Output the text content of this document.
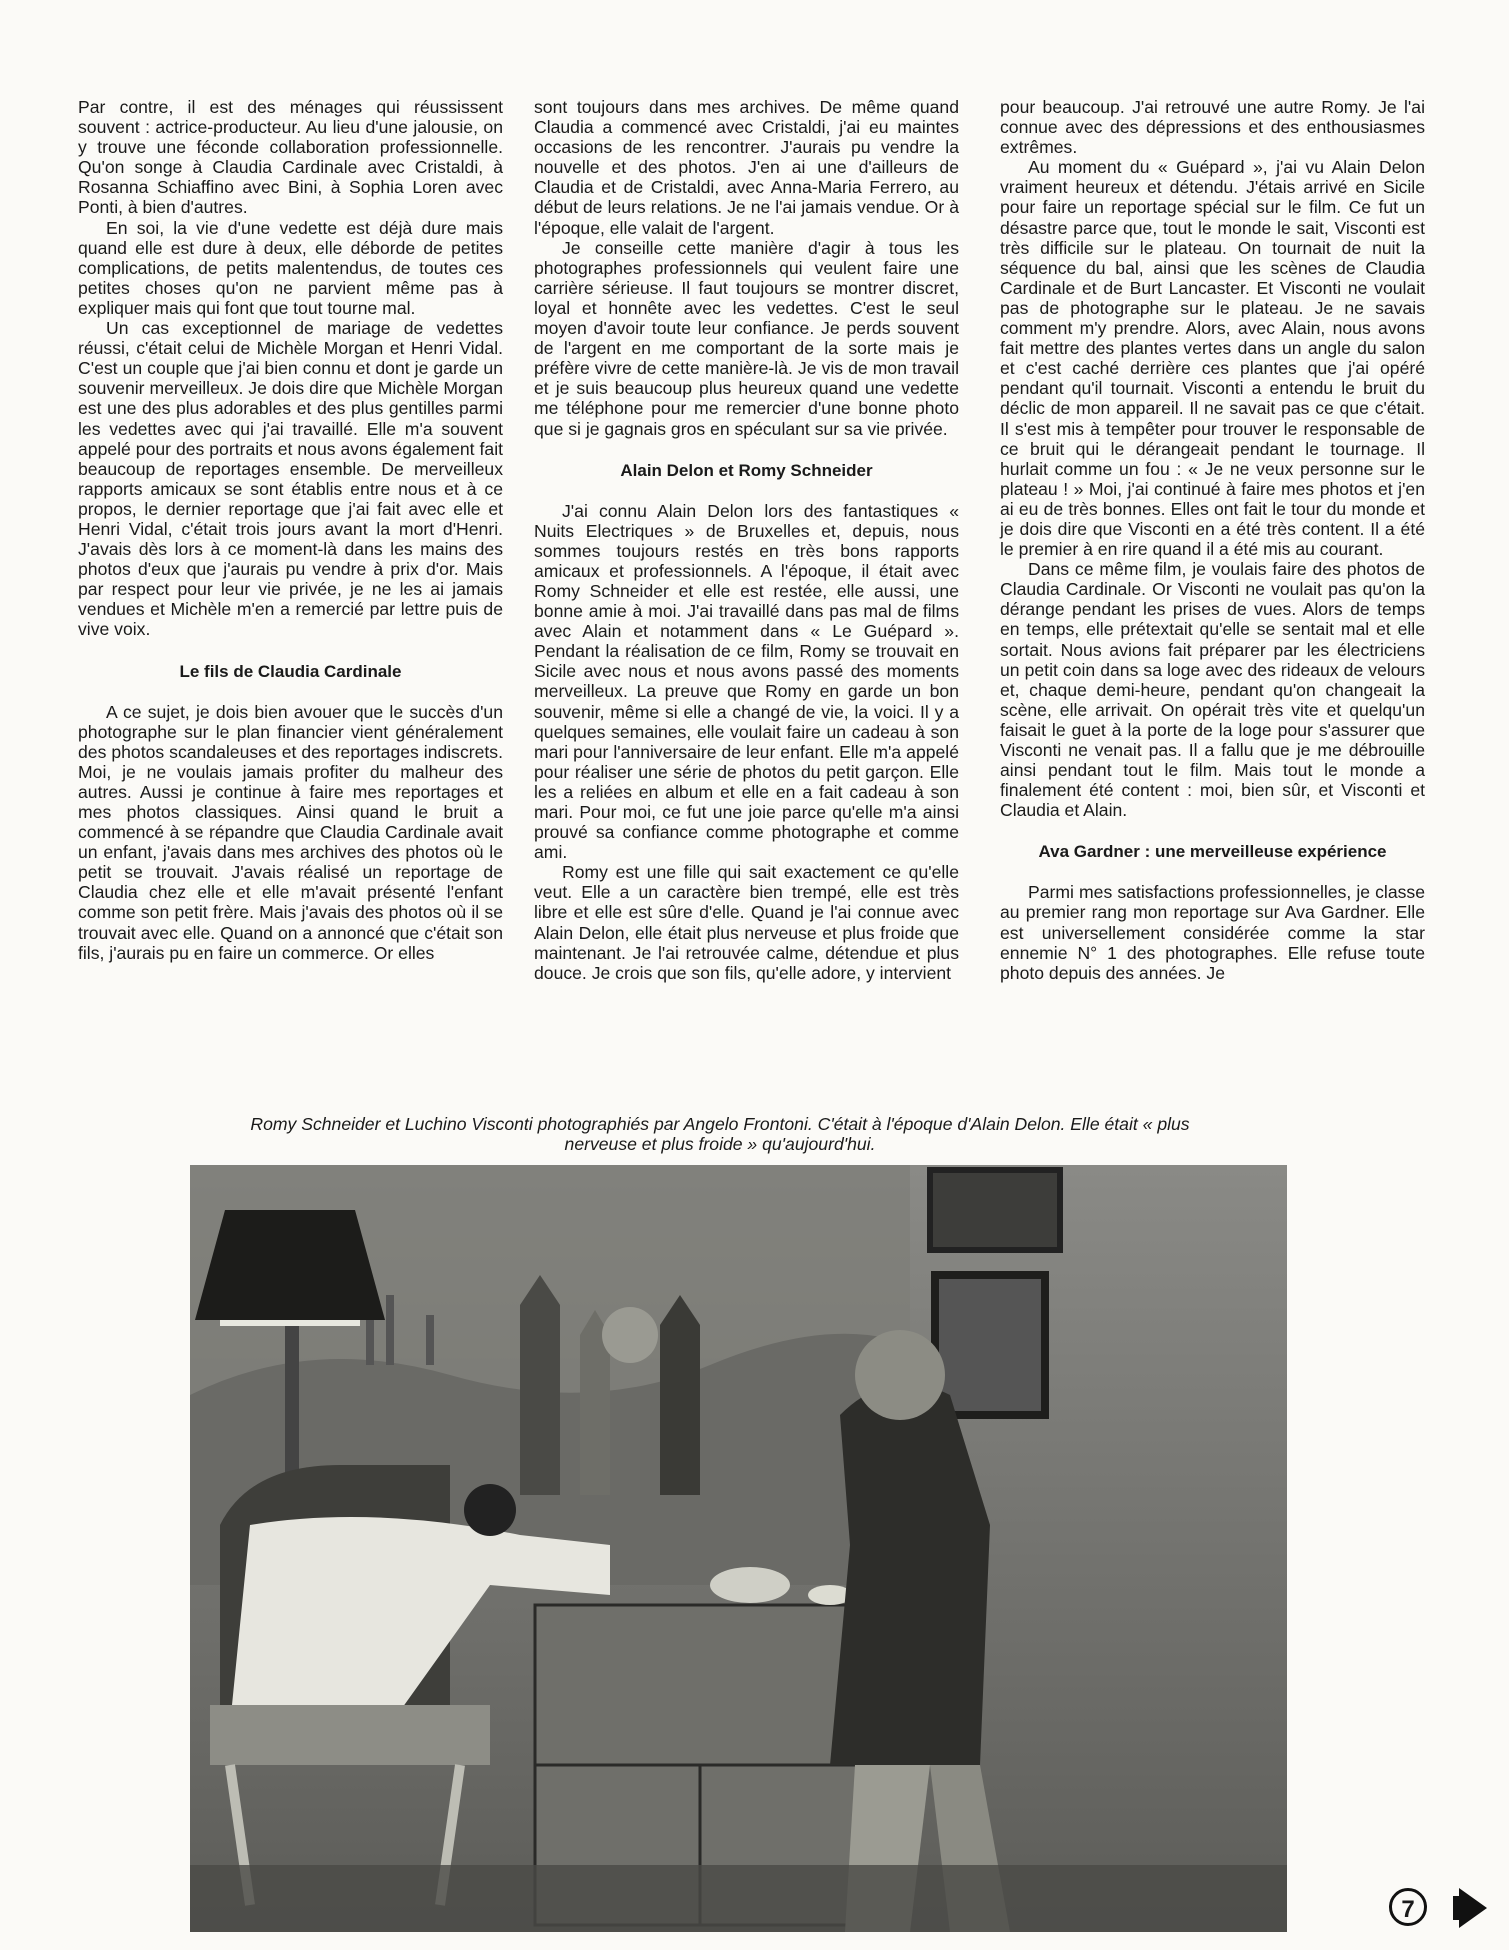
Par contre, il est des ménages qui réussissent souvent : actrice-producteur. Au lieu d'une jalousie, on y trouve une féconde collaboration professionnelle. Qu'on songe à Claudia Cardinale avec Cristaldi, à Rosanna Schiaffino avec Bini, à Sophia Loren avec Ponti, à bien d'autres.

En soi, la vie d'une vedette est déjà dure mais quand elle est dure à deux, elle déborde de petites complications, de petits malentendus, de toutes ces petites choses qu'on ne parvient même pas à expliquer mais qui font que tout tourne mal.

Un cas exceptionnel de mariage de vedettes réussi, c'était celui de Michèle Morgan et Henri Vidal. C'est un couple que j'ai bien connu et dont je garde un souvenir merveilleux. Je dois dire que Michèle Morgan est une des plus adorables et des plus gentilles parmi les vedettes avec qui j'ai travaillé. Elle m'a souvent appelé pour des portraits et nous avons également fait beaucoup de reportages ensemble. De merveilleux rapports amicaux se sont établis entre nous et à ce propos, le dernier reportage que j'ai fait avec elle et Henri Vidal, c'était trois jours avant la mort d'Henri. J'avais dès lors à ce moment-là dans les mains des photos d'eux que j'aurais pu vendre à prix d'or. Mais par respect pour leur vie privée, je ne les ai jamais vendues et Michèle m'en a remercié par lettre puis de vive voix.

Le fils de Claudia Cardinale

A ce sujet, je dois bien avouer que le succès d'un photographe sur le plan financier vient généralement des photos scandaleuses et des reportages indiscrets. Moi, je ne voulais jamais profiter du malheur des autres. Aussi je continue à faire mes reportages et mes photos classiques. Ainsi quand le bruit a commencé à se répandre que Claudia Cardinale avait un enfant, j'avais dans mes archives des photos où le petit se trouvait. J'avais réalisé un reportage de Claudia chez elle et elle m'avait présenté l'enfant comme son petit frère. Mais j'avais des photos où il se trouvait avec elle. Quand on a annoncé que c'était son fils, j'aurais pu en faire un commerce. Or elles

sont toujours dans mes archives. De même quand Claudia a commencé avec Cristaldi, j'ai eu maintes occasions de les rencontrer. J'aurais pu vendre la nouvelle et des photos. J'en ai une d'ailleurs de Claudia et de Cristaldi, avec Anna-Maria Ferrero, au début de leurs relations. Je ne l'ai jamais vendue. Or à l'époque, elle valait de l'argent.

Je conseille cette manière d'agir à tous les photographes professionnels qui veulent faire une carrière sérieuse. Il faut toujours se montrer discret, loyal et honnête avec les vedettes. C'est le seul moyen d'avoir toute leur confiance. Je perds souvent de l'argent en me comportant de la sorte mais je préfère vivre de cette manière-là. Je vis de mon travail et je suis beaucoup plus heureux quand une vedette me téléphone pour me remercier d'une bonne photo que si je gagnais gros en spéculant sur sa vie privée.

Alain Delon et Romy Schneider

J'ai connu Alain Delon lors des fantastiques « Nuits Electriques » de Bruxelles et, depuis, nous sommes toujours restés en très bons rapports amicaux et professionnels. A l'époque, il était avec Romy Schneider et elle est restée, elle aussi, une bonne amie à moi. J'ai travaillé dans pas mal de films avec Alain et notamment dans « Le Guépard ». Pendant la réalisation de ce film, Romy se trouvait en Sicile avec nous et nous avons passé des moments merveilleux. La preuve que Romy en garde un bon souvenir, même si elle a changé de vie, la voici. Il y a quelques semaines, elle voulait faire un cadeau à son mari pour l'anniversaire de leur enfant. Elle m'a appelé pour réaliser une série de photos du petit garçon. Elle les a reliées en album et elle en a fait cadeau à son mari. Pour moi, ce fut une joie parce qu'elle m'a ainsi prouvé sa confiance comme photographe et comme ami.

Romy est une fille qui sait exactement ce qu'elle veut. Elle a un caractère bien trempé, elle est très libre et elle est sûre d'elle. Quand je l'ai connue avec Alain Delon, elle était plus nerveuse et plus froide que maintenant. Je l'ai retrouvée calme, détendue et plus douce. Je crois que son fils, qu'elle adore, y intervient

pour beaucoup. J'ai retrouvé une autre Romy. Je l'ai connue avec des dépressions et des enthousiasmes extrêmes.

Au moment du « Guépard », j'ai vu Alain Delon vraiment heureux et détendu. J'étais arrivé en Sicile pour faire un reportage spécial sur le film. Ce fut un désastre parce que, tout le monde le sait, Visconti est très difficile sur le plateau. On tournait de nuit la séquence du bal, ainsi que les scènes de Claudia Cardinale et de Burt Lancaster. Et Visconti ne voulait pas de photographe sur le plateau. Je ne savais comment m'y prendre. Alors, avec Alain, nous avons fait mettre des plantes vertes dans un angle du salon et c'est caché derrière ces plantes que j'ai opéré pendant qu'il tournait. Visconti a entendu le bruit du déclic de mon appareil. Il ne savait pas ce que c'était. Il s'est mis à tempêter pour trouver le responsable de ce bruit qui le dérangeait pendant le tournage. Il hurlait comme un fou : « Je ne veux personne sur le plateau ! » Moi, j'ai continué à faire mes photos et j'en ai eu de très bonnes. Elles ont fait le tour du monde et je dois dire que Visconti en a été très content. Il a été le premier à en rire quand il a été mis au courant.

Dans ce même film, je voulais faire des photos de Claudia Cardinale. Or Visconti ne voulait pas qu'on la dérange pendant les prises de vues. Alors de temps en temps, elle prétextait qu'elle se sentait mal et elle sortait. Nous avions fait préparer par les électriciens un petit coin dans sa loge avec des rideaux de velours et, chaque demi-heure, pendant qu'on changeait la scène, elle arrivait. On opérait très vite et quelqu'un faisait le guet à la porte de la loge pour s'assurer que Visconti ne venait pas. Il a fallu que je me débrouille ainsi pendant tout le film. Mais tout le monde a finalement été content : moi, bien sûr, et Visconti et Claudia et Alain.

Ava Gardner : une merveilleuse expérience

Parmi mes satisfactions professionnelles, je classe au premier rang mon reportage sur Ava Gardner. Elle est universellement considérée comme la star ennemie N° 1 des photographes. Elle refuse toute photo depuis des années. Je

Romy Schneider et Luchino Visconti photographiés par Angelo Frontoni. C'était à l'époque d'Alain Delon. Elle était « plus
nerveuse et plus froide » qu'aujourd'hui.
7
